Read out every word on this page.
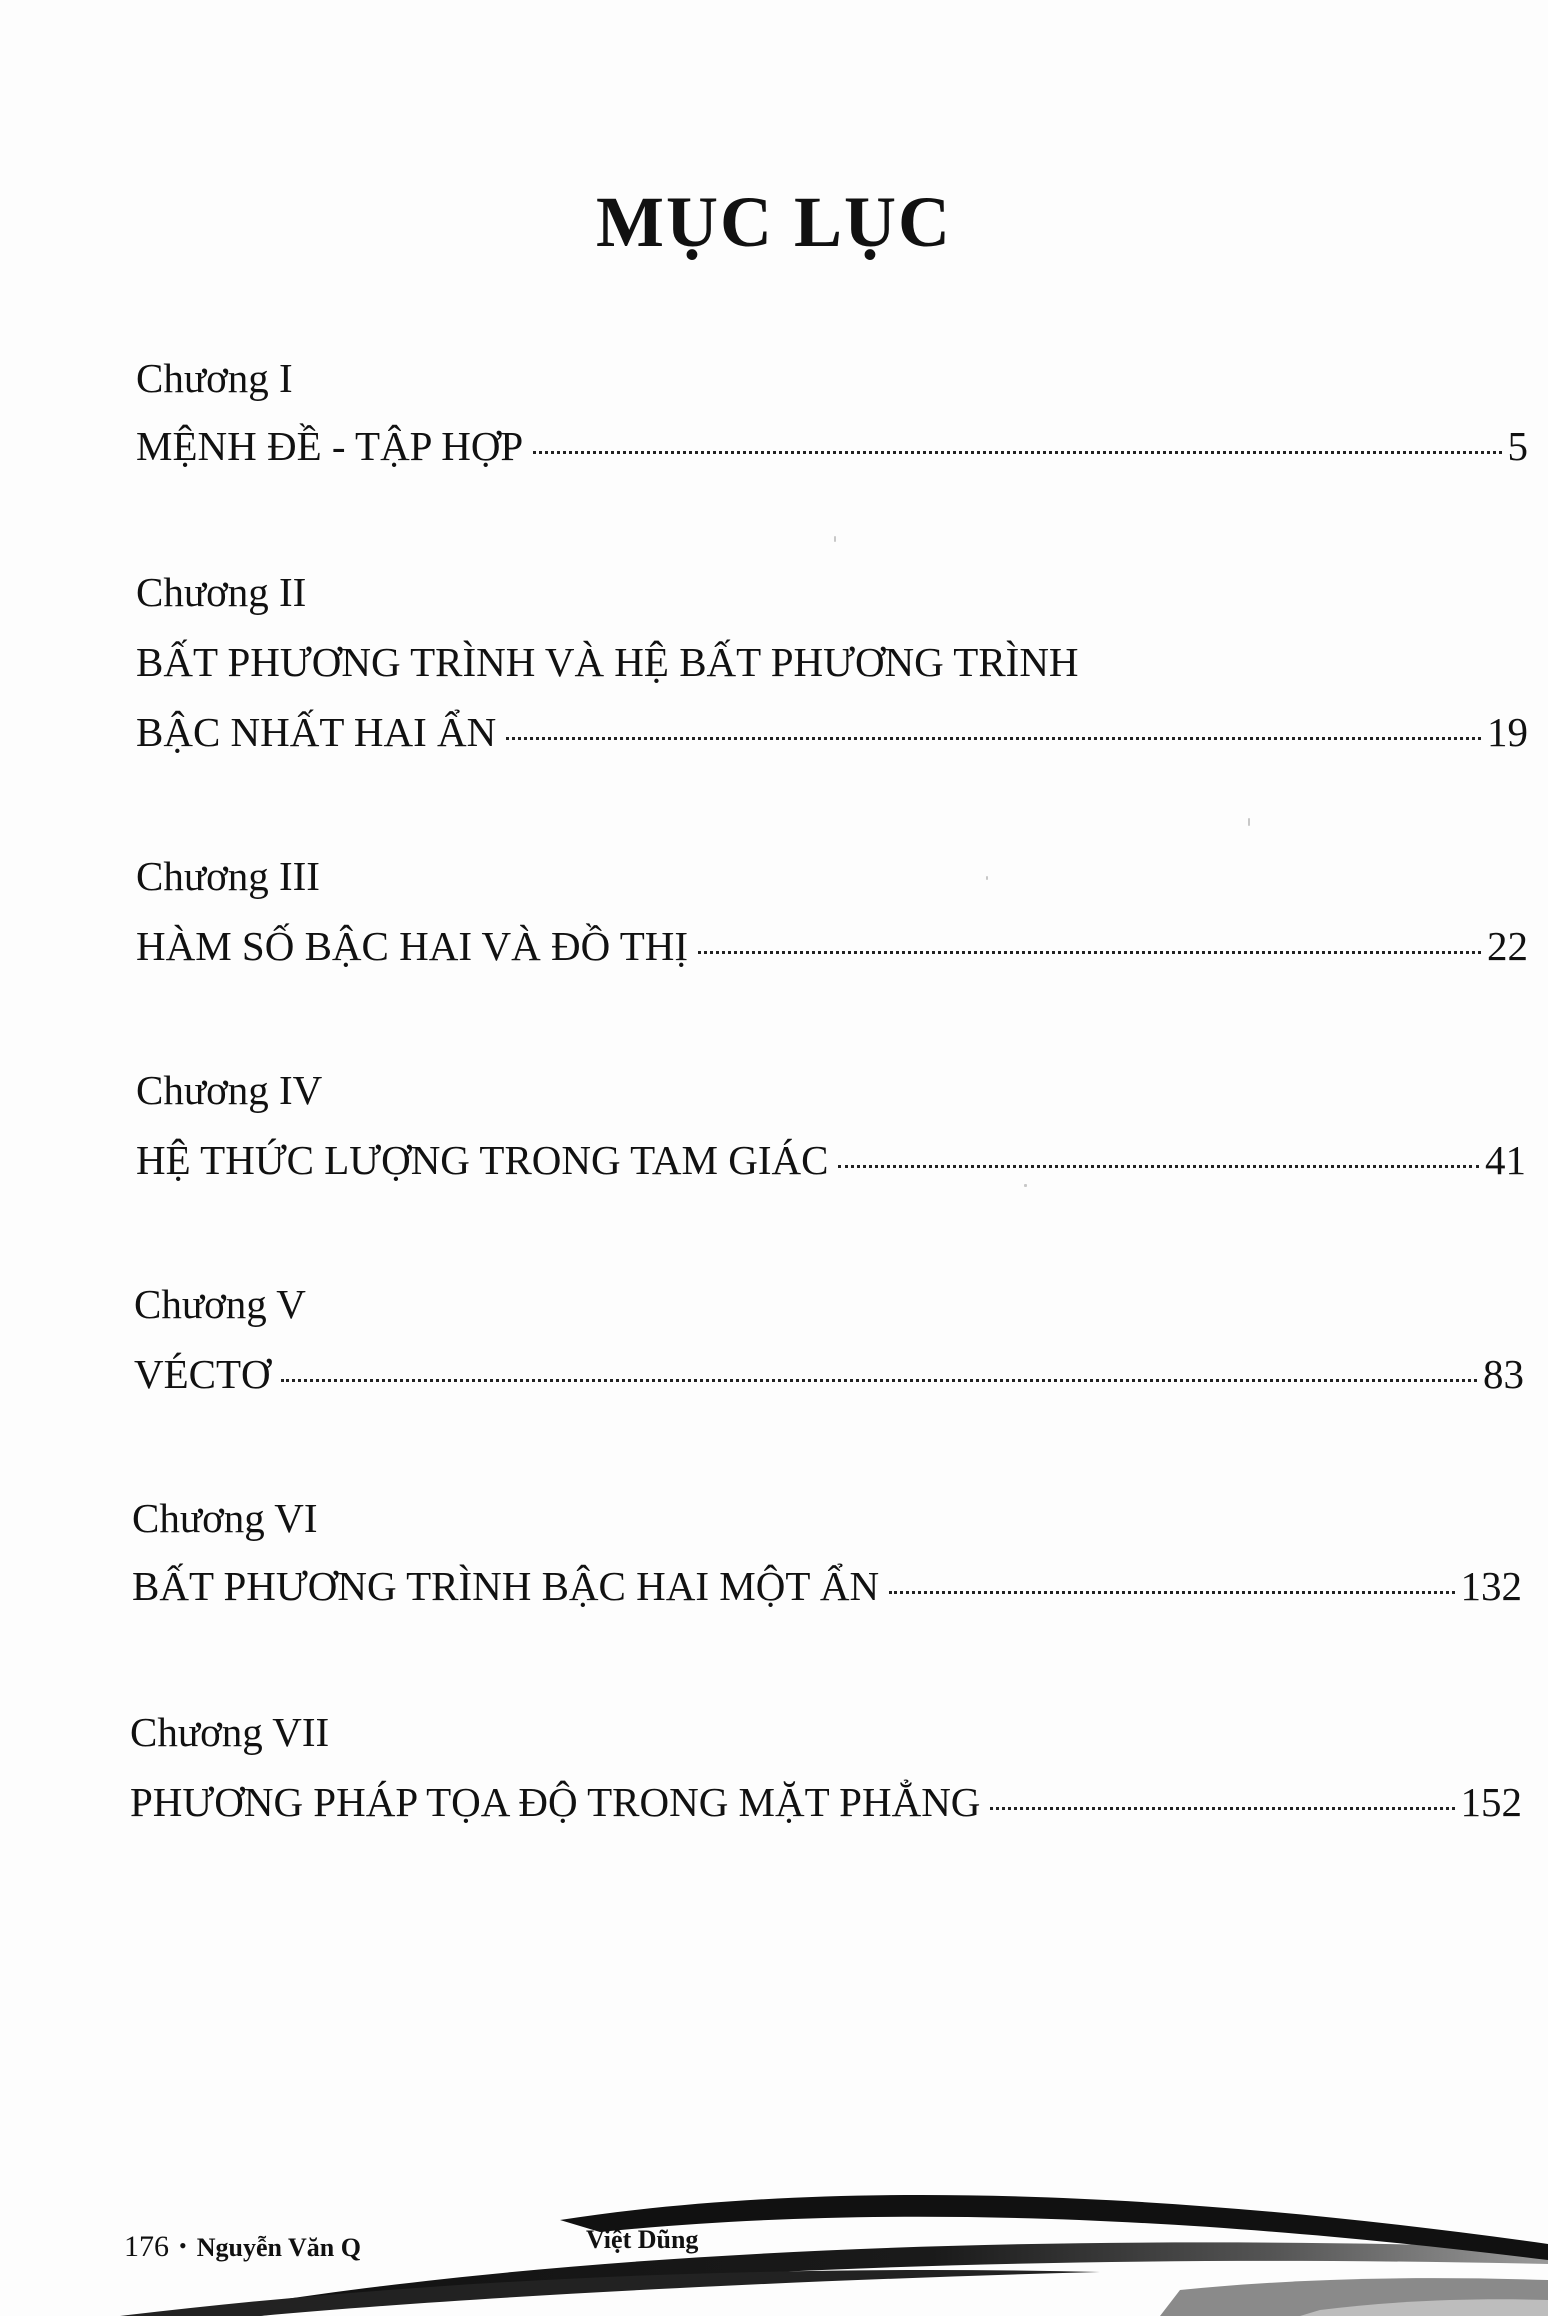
MỤC LỤC
Chương I
MỆNH ĐỀ - TẬP HỢP	5
Chương II
BẤT PHƯƠNG TRÌNH VÀ HỆ BẤT PHƯƠNG TRÌNH
BẬC NHẤT HAI ẨN	19
Chương III
HÀM SỐ BẬC HAI VÀ ĐỒ THỊ	22
Chương IV
HỆ THỨC LƯỢNG TRONG TAM GIÁC	41
Chương V
VÉCTƠ	83
Chương VI
BẤT PHƯƠNG TRÌNH BẬC HAI MỘT ẨN	132
Chương VII
PHƯƠNG PHÁP TỌA ĐỘ TRONG MẶT PHẲNG	152
176 • Nguyễn Văn Q	Việt Dũng
